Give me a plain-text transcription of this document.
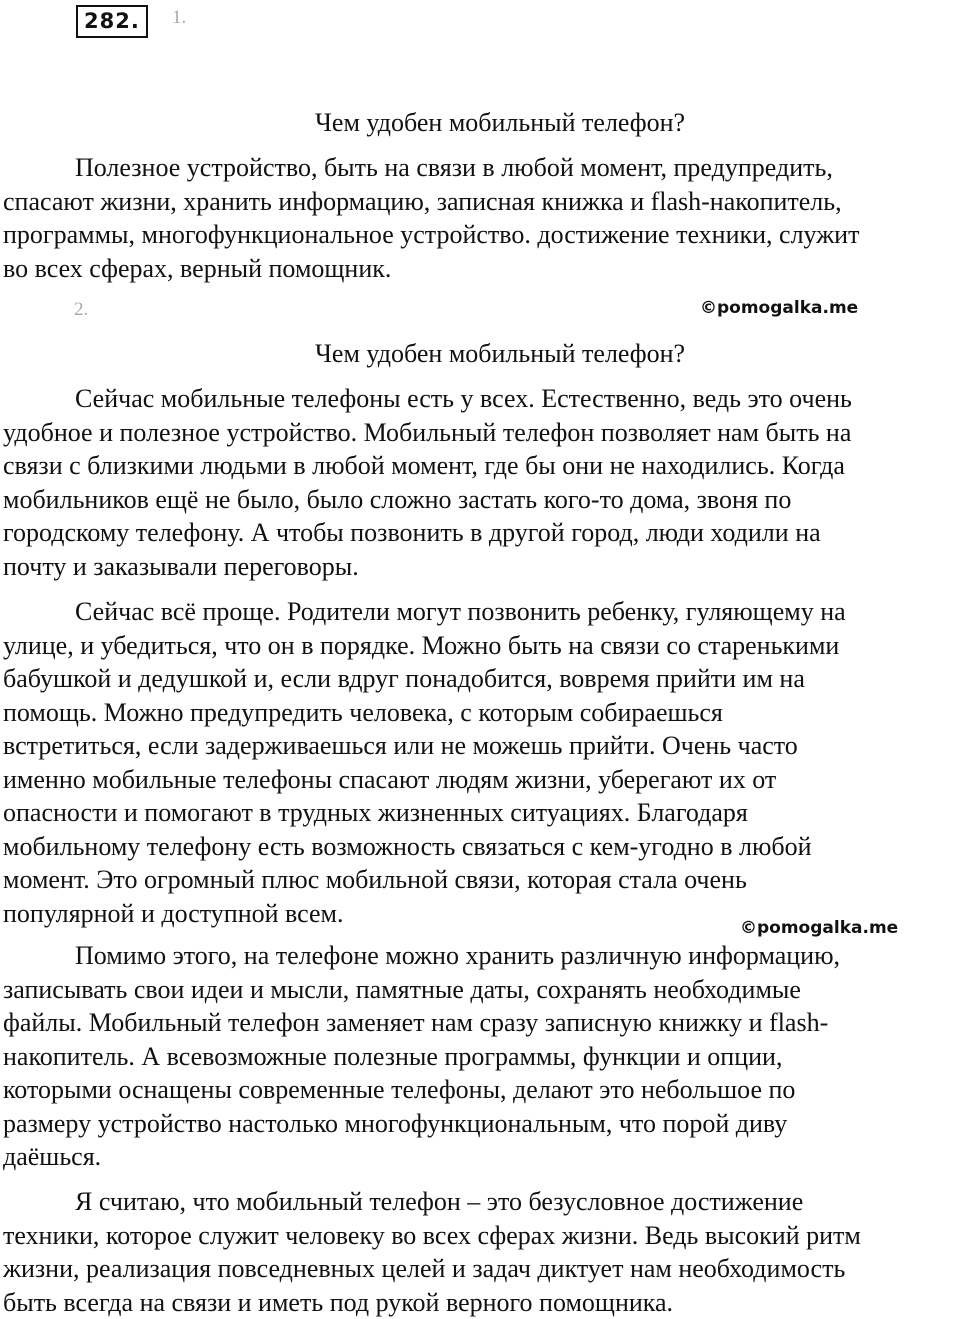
282.	1.
Чем удобен мобильный телефон?
Полезное устройство, быть на связи в любой момент, предупредить,
спасают жизни, хранить информацию, записная книжка и flash-накопитель,
программы, многофункциональное устройство. достижение техники, служит
во всех сферах, верный помощник.
2.	©pomogalka.me
Чем удобен мобильный телефон?
Сейчас мобильные телефоны есть у всех. Естественно, ведь это очень
удобное и полезное устройство. Мобильный телефон позволяет нам быть на
связи с близкими людьми в любой момент, где бы они не находились. Когда
мобильников ещё не было, было сложно застать кого-то дома, звоня по
городскому телефону. А чтобы позвонить в другой город, люди ходили на
почту и заказывали переговоры.
Сейчас всё проще. Родители могут позвонить ребенку, гуляющему на
улице, и убедиться, что он в порядке. Можно быть на связи со старенькими
бабушкой и дедушкой и, если вдруг понадобится, вовремя прийти им на
помощь. Можно предупредить человека, с которым собираешься
встретиться, если задерживаешься или не можешь прийти. Очень часто
именно мобильные телефоны спасают людям жизни, уберегают их от
опасности и помогают в трудных жизненных ситуациях. Благодаря
мобильному телефону есть возможность связаться с кем-угодно в любой
момент. Это огромный плюс мобильной связи, которая стала очень
популярной и доступной всем.
©pomogalka.me
Помимо этого, на телефоне можно хранить различную информацию,
записывать свои идеи и мысли, памятные даты, сохранять необходимые
файлы. Мобильный телефон заменяет нам сразу записную книжку и flash-
накопитель. А всевозможные полезные программы, функции и опции,
которыми оснащены современные телефоны, делают это небольшое по
размеру устройство настолько многофункциональным, что порой диву
даёшься.
Я считаю, что мобильный телефон – это безусловное достижение
техники, которое служит человеку во всех сферах жизни. Ведь высокий ритм
жизни, реализация повседневных целей и задач диктует нам необходимость
быть всегда на связи и иметь под рукой верного помощника.
